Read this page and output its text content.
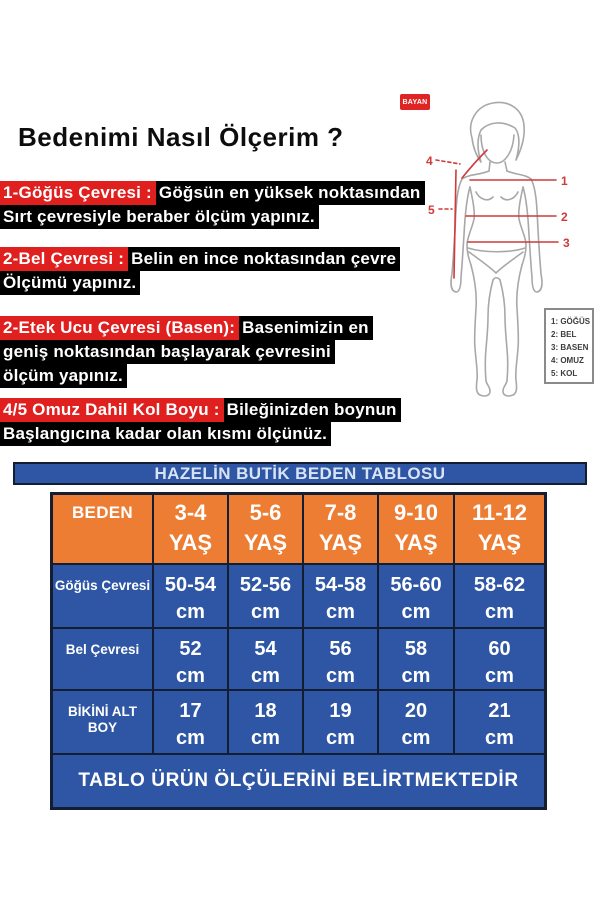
Bedenimi Nasıl Ölçerim ?
1-Göğüs Çevresi :Göğsün en yüksek noktasından
Sırt çevresiyle beraber ölçüm yapınız.
2-Bel Çevresi :Belin en ince noktasından çevre
Ölçümü yapınız.
2-Etek Ucu Çevresi (Basen): Basenimizin en
geniş noktasından başlayarak çevresini
ölçüm yapınız.
4/5 Omuz Dahil Kol Boyu :Bileğinizden boynun
Başlangıcına kadar olan kısmı ölçünüz.
4
5
1
2
3
BAYAN
1: GÖĞÜS
2: BEL
3: BASEN
4: OMUZ
5: KOL
HAZELİN BUTİK BEDEN TABLOSU
BEDEN	3-4
YAŞ
5-6
YAŞ
7-8
YAŞ
9-10
YAŞ
11-12
YAŞ
Göğüs Çevresi 50-54
cm
52-56
cm
54-58
cm
56-60
cm
58-62
cm
Bel Çevresi 52
cm
54
cm
56
cm
58
cm
60
cm
BİKİNİ ALT
BOY
17
cm
18
cm
19
cm
20
cm
21
cm
TABLO ÜRÜN ÖLÇÜLERİNİ BELİRTMEKTEDİR
